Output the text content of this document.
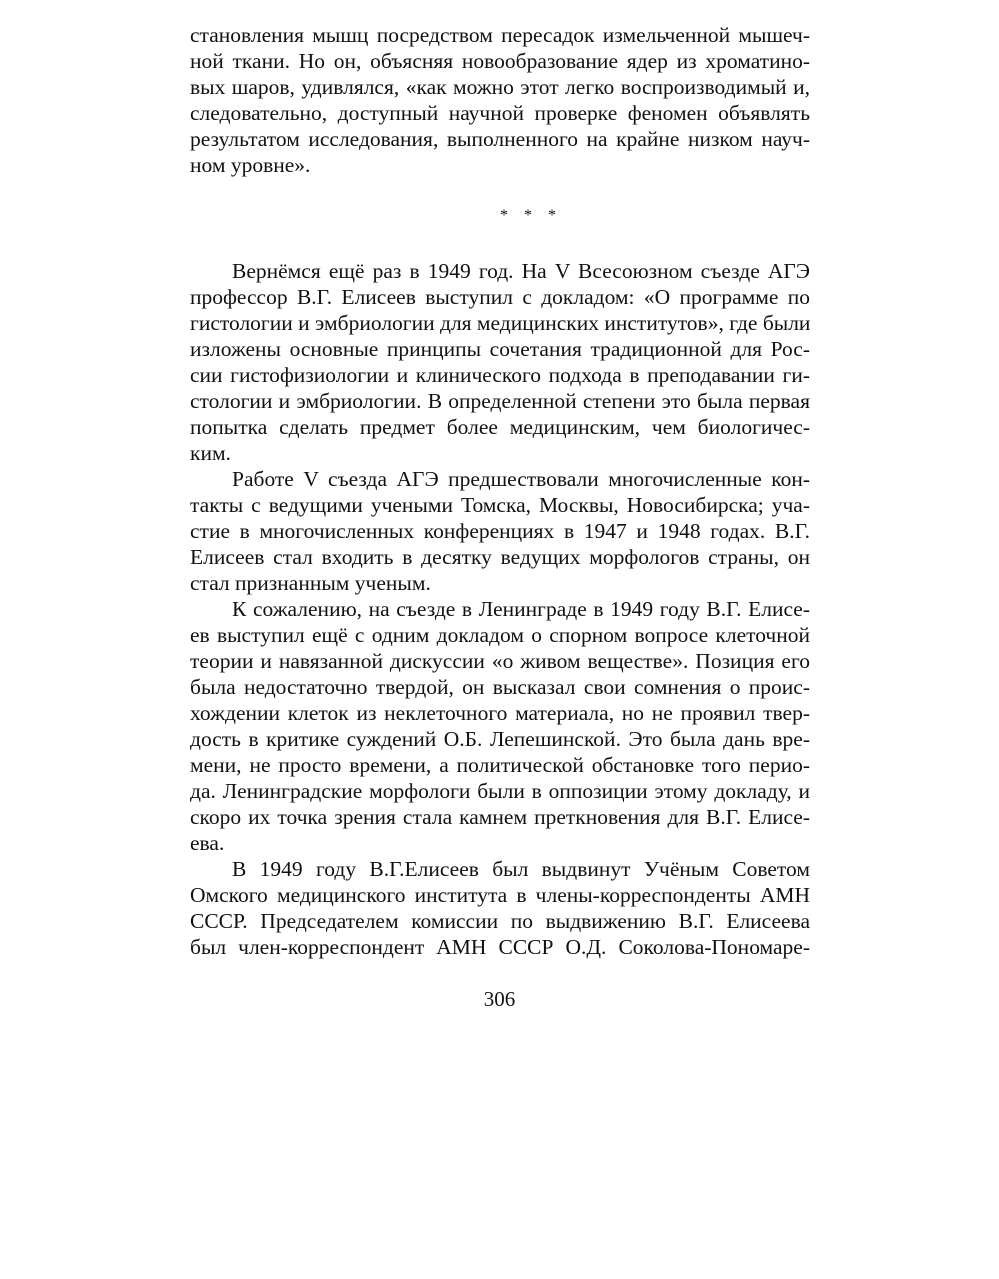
становления мышц посредством пересадок измельченной мышеч-
ной ткани. Но он, объясняя новообразование ядер из хроматино-
вых шаров, удивлялся, «как можно этот легко воспроизводимый и,
следовательно, доступный научной проверке феномен объявлять
результатом исследования, выполненного на крайне низком науч-
ном уровне».
* * *
Вернёмся ещё раз в 1949 год. На V Всесоюзном съезде АГЭ
профессор В.Г. Елисеев выступил с докладом: «О программе по
гистологии и эмбриологии для медицинских институтов», где были
изложены основные принципы сочетания традиционной для Рос-
сии гистофизиологии и клинического подхода в преподавании ги-
стологии и эмбриологии. В определенной степени это была первая
попытка сделать предмет более медицинским, чем биологичес-
ким.
Работе V съезда АГЭ предшествовали многочисленные кон-
такты с ведущими учеными Томска, Москвы, Новосибирска; уча-
стие в многочисленных конференциях в 1947 и 1948 годах. В.Г.
Елисеев стал входить в десятку ведущих морфологов страны, он
стал признанным ученым.
К сожалению, на съезде в Ленинграде в 1949 году В.Г. Елисе-
ев выступил ещё с одним докладом о спорном вопросе клеточной
теории и навязанной дискуссии «о живом веществе». Позиция его
была недостаточно твердой, он высказал свои сомнения о проис-
хождении клеток из неклеточного материала, но не проявил твер-
дость в критике суждений О.Б. Лепешинской. Это была дань вре-
мени, не просто времени, а политической обстановке того перио-
да. Ленинградские морфологи были в оппозиции этому докладу, и
скоро их точка зрения стала камнем преткновения для В.Г. Елисе-
ева.
В 1949 году В.Г.Елисеев был выдвинут Учёным Советом
Омского медицинского института в члены-корреспонденты АМН
СССР. Председателем комиссии по выдвижению В.Г. Елисеева
был член-корреспондент АМН СССР О.Д. Соколова-Пономаре-
306
